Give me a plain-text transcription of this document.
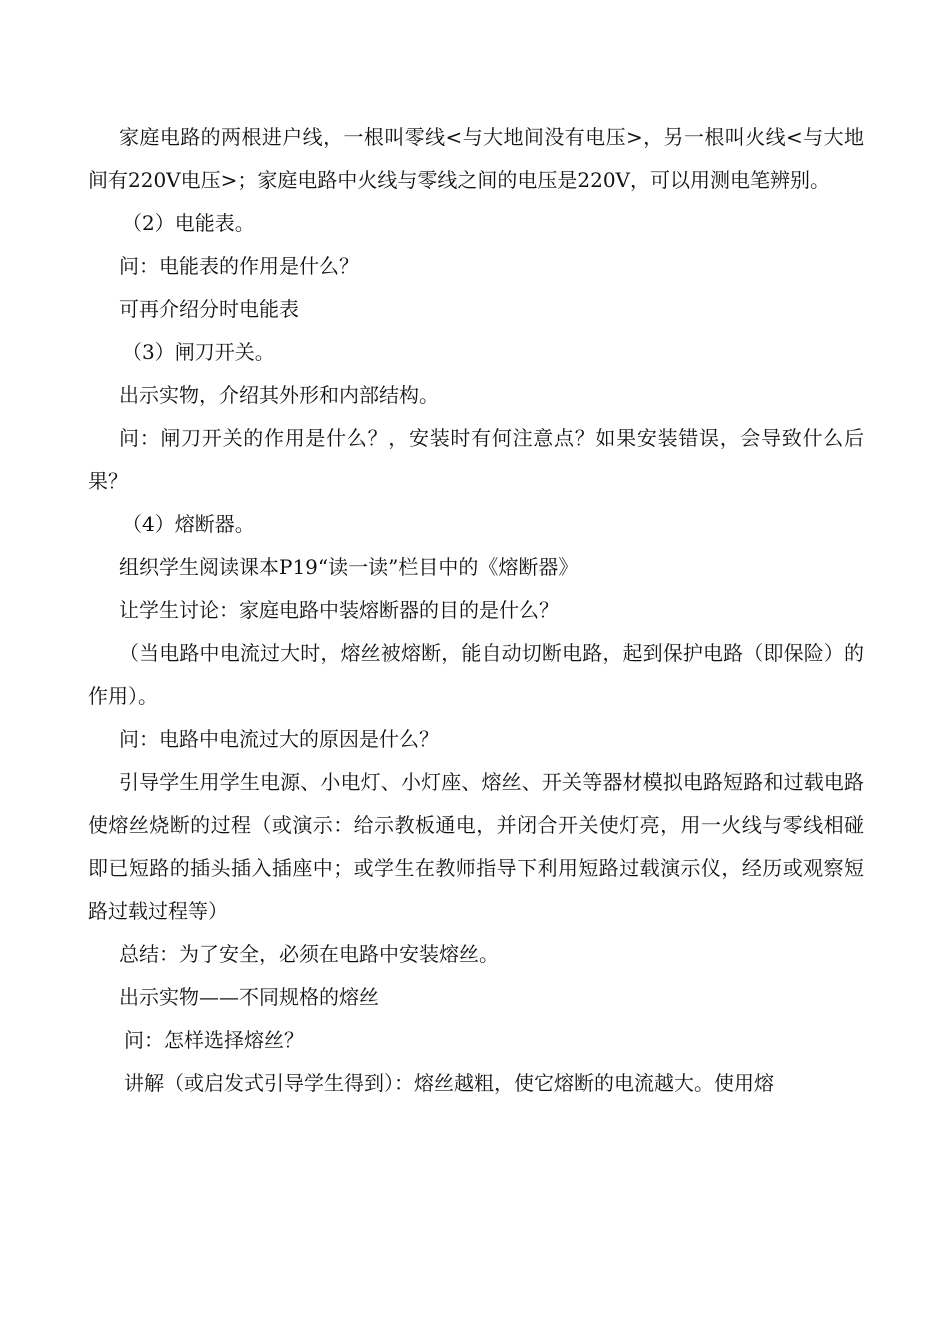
家庭电路的两根进户线，一根叫零线<与大地间没有电压>，另一根叫火线<与大地间有220V电压>；家庭电路中火线与零线之间的电压是220V，可以用测电笔辨别。

（2）电能表。

问：电能表的作用是什么？

可再介绍分时电能表

（3）闸刀开关。

出示实物，介绍其外形和内部结构。

问：闸刀开关的作用是什么？，安装时有何注意点？如果安装错误，会导致什么后果？

（4）熔断器。

组织学生阅读课本P19“读一读”栏目中的《熔断器》

让学生讨论：家庭电路中装熔断器的目的是什么？

（当电路中电流过大时，熔丝被熔断，能自动切断电路，起到保护电路（即保险）的作用）。

问：电路中电流过大的原因是什么？

引导学生用学生电源、小电灯、小灯座、熔丝、开关等器材模拟电路短路和过载电路使熔丝烧断的过程（或演示：给示教板通电，并闭合开关使灯亮，用一火线与零线相碰即已短路的插头插入插座中；或学生在教师指导下利用短路过载演示仪，经历或观察短路过载过程等）

总结：为了安全，必须在电路中安装熔丝。

出示实物——不同规格的熔丝

问：怎样选择熔丝？

讲解（或启发式引导学生得到）：熔丝越粗，使它熔断的电流越大。使用熔
